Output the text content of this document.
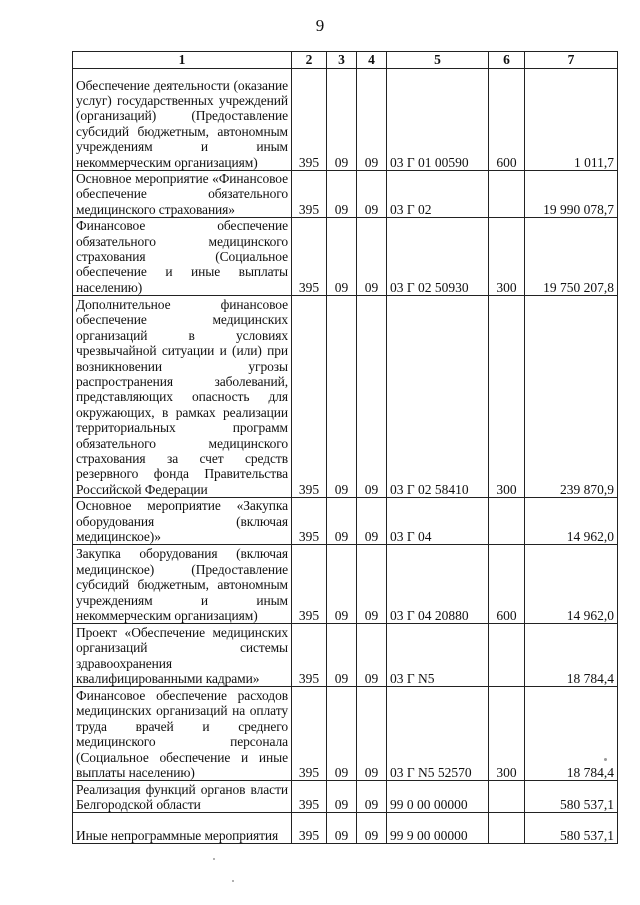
9
1	2	3	4	5	6	7
Обеспечение деятельности (оказание услуг) государственных учреждений (организаций) (Предоставление субсидий бюджетным, автономным учреждениям и иным некоммерческим организациям)	395	09	09	03 Г 01 00590	600	1 011,7
Основное мероприятие «Финансовое обеспечение обязательного медицинского страхования»	395	09	09	03 Г 02		19 990 078,7
Финансовое обеспечение обязательного медицинского страхования (Социальное обеспечение и иные выплаты населению)	395	09	09	03 Г 02 50930	300	19 750 207,8
Дополнительное финансовое обеспечение медицинских организаций в условиях чрезвычайной ситуации и (или) при возникновении угрозы распространения заболеваний, представляющих опасность для окружающих, в рамках реализации территориальных программ обязательного медицинского страхования за счет средств резервного фонда Правительства Российской Федерации	395	09	09	03 Г 02 58410	300	239 870,9
Основное мероприятие «Закупка оборудования (включая медицинское)»	395	09	09	03 Г 04		14 962,0
Закупка оборудования (включая медицинское) (Предоставление субсидий бюджетным, автономным учреждениям и иным некоммерческим организациям)	395	09	09	03 Г 04 20880	600	14 962,0
Проект «Обеспечение медицинских организаций системы здравоохранения квалифицированными кадрами»	395	09	09	03 Г N5		18 784,4
Финансовое обеспечение расходов медицинских организаций на оплату труда врачей и среднего медицинского персонала (Социальное обеспечение и иные выплаты населению)	395	09	09	03 Г N5 52570	300	18 784,4
Реализация функций органов власти Белгородской области	395	09	09	99 0 00 00000		580 537,1
Иные непрограммные мероприятия	395	09	09	99 9 00 00000		580 537,1
